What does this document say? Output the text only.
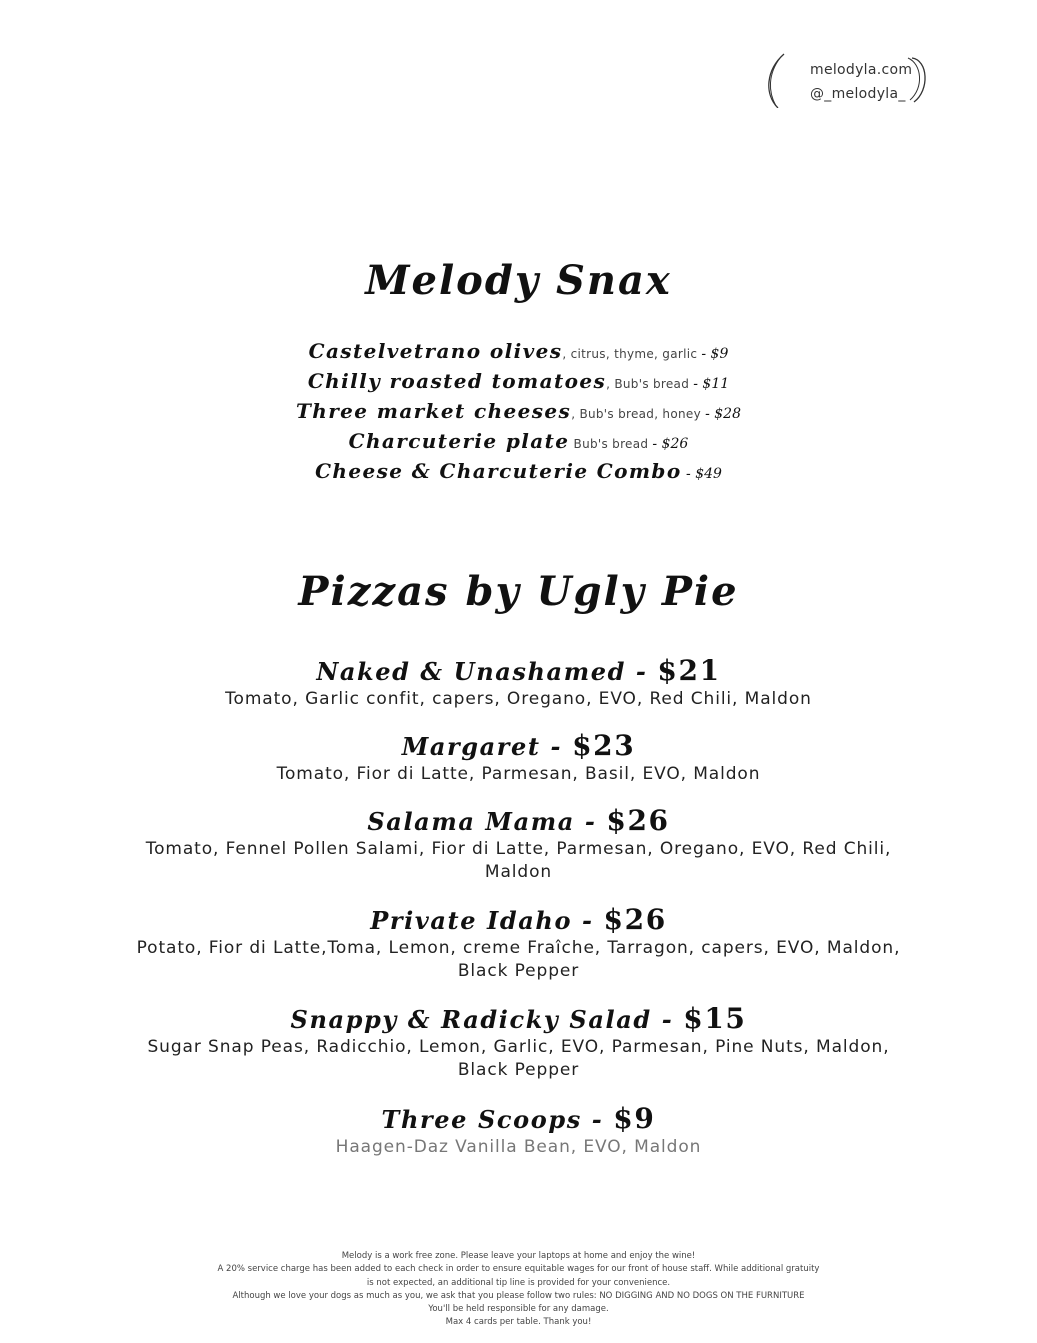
melodyla.com
@_melodyla_
Melody Snax
Castelvetrano olives, citrus, thyme, garlic - $9
Chilly roasted tomatoes, Bub's bread - $11
Three market cheeses, Bub's bread, honey - $28
Charcuterie plate Bub's bread - $26
Cheese & Charcuterie Combo - $49
Pizzas by Ugly Pie
Naked & Unashamed - $21
Tomato, Garlic confit, capers, Oregano, EVO, Red Chili, Maldon
Margaret - $23
Tomato, Fior di Latte, Parmesan, Basil, EVO, Maldon
Salama Mama - $26
Tomato, Fennel Pollen Salami, Fior di Latte, Parmesan, Oregano, EVO, Red Chili, Maldon
Private Idaho - $26
Potato, Fior di Latte,Toma, Lemon, creme Fraîche, Tarragon, capers, EVO, Maldon, Black Pepper
Snappy & Radicky Salad - $15
Sugar Snap Peas, Radicchio, Lemon, Garlic, EVO, Parmesan, Pine Nuts, Maldon, Black Pepper
Three Scoops - $9
Haagen-Daz Vanilla Bean, EVO, Maldon
Melody is a work free zone. Please leave your laptops at home and enjoy the wine!
A 20% service charge has been added to each check in order to ensure equitable wages for our front of house staff. While additional gratuity
is not expected, an additional tip line is provided for your convenience.
Although we love your dogs as much as you, we ask that you please follow two rules: NO DIGGING AND NO DOGS ON THE FURNITURE
You'll be held responsible for any damage.
Max 4 cards per table. Thank you!
